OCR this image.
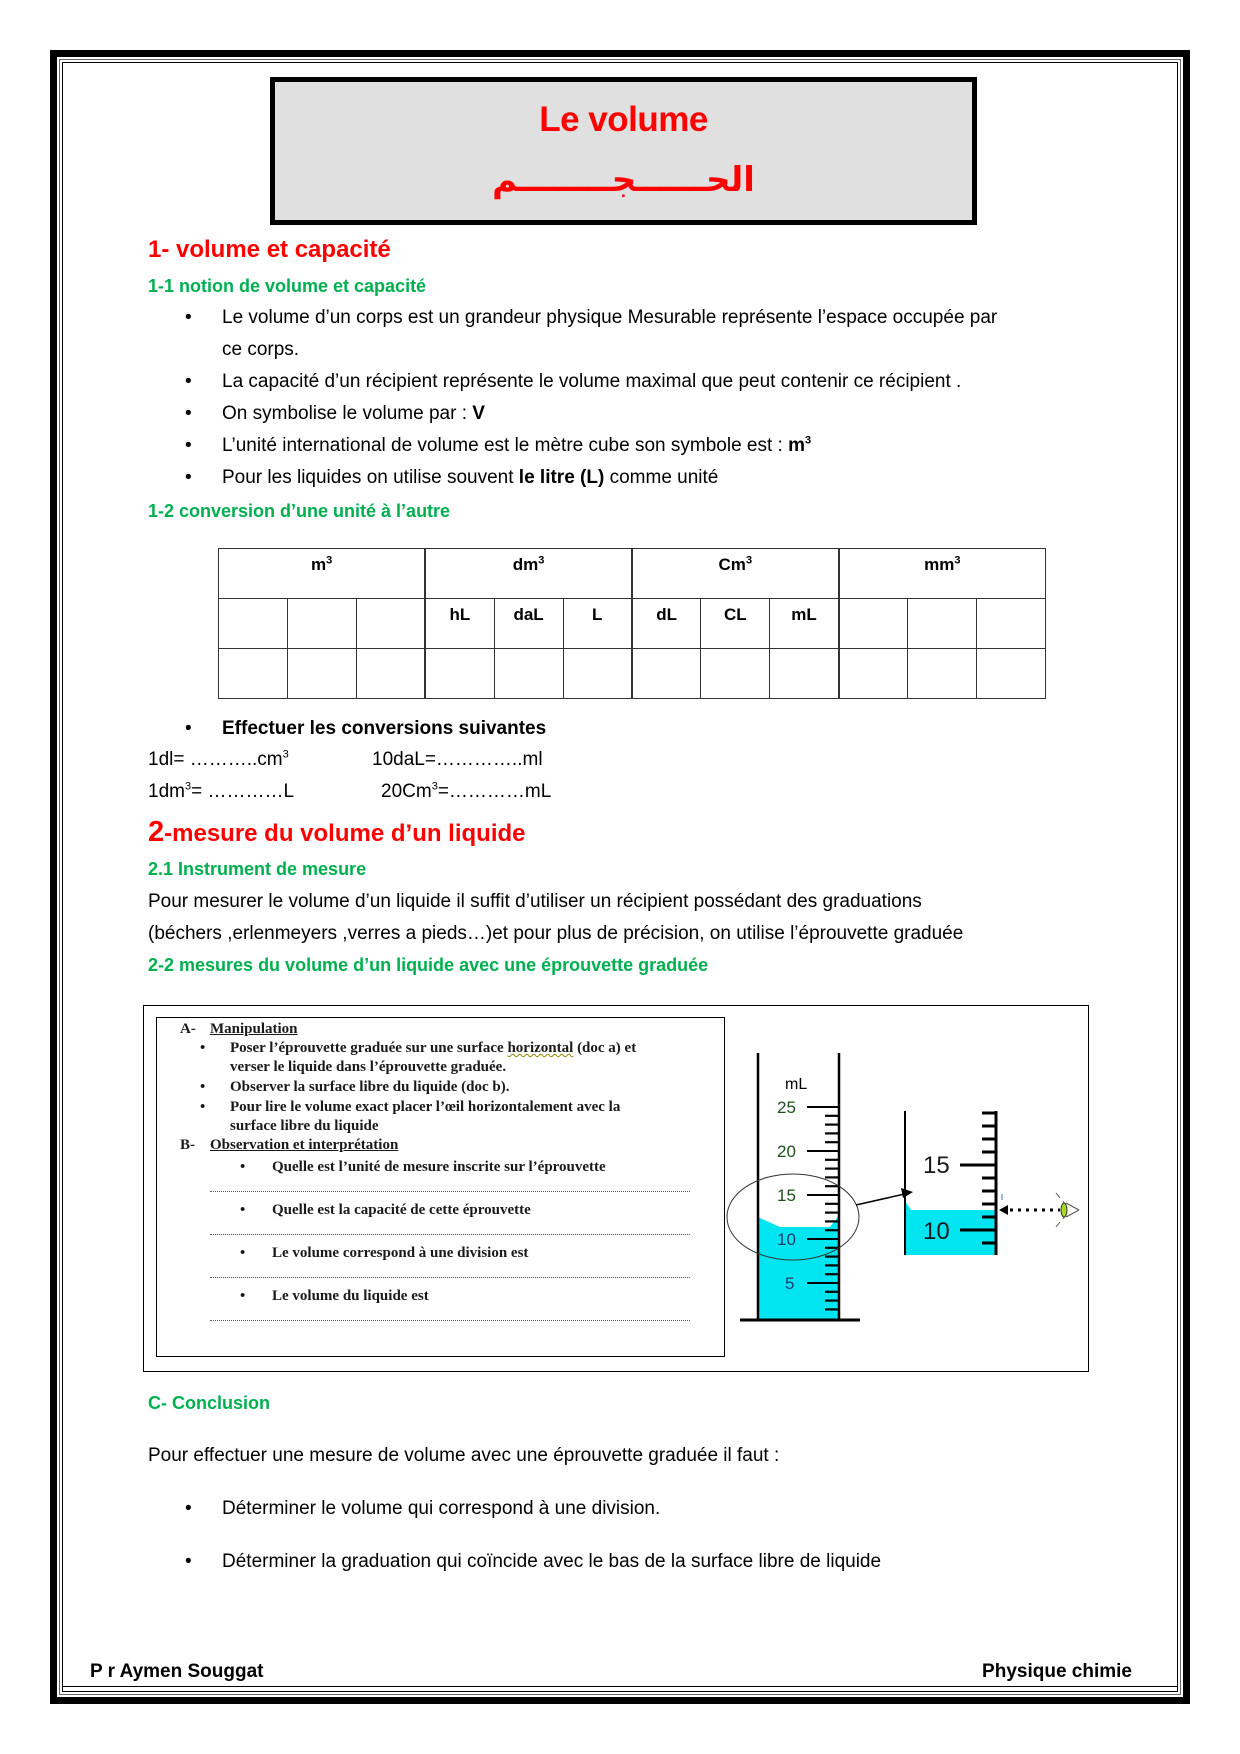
Le volume
الحــــــجــــــــم
1- volume et capacité
1-1 notion de volume et capacité
• Le volume d’un corps est un grandeur physique Mesurable représente l’espace occupée par
ce corps.
• La capacité d’un récipient représente le volume maximal que peut contenir ce récipient .
• On symbolise le volume par : V
• L’unité international de volume est le mètre cube son symbole est : $m^3$
• Pour les liquides on utilise souvent le litre (L) comme unité
1-2 conversion d’une unité à l’autre
$m^3$			$dm^3$			Cm$^3$			$mm^3$
			hL	daL	L	dL	CL	mL			

• Effectuer les conversions suivantes
$1dl= \dots\dots\dots..cm^3$	10daL=…………..ml
$1dm^3=$ …………L	$20Cm^3=\dots\dots\dots\dots mL$
2-mesure du volume d’un liquide
2.1 Instrument de mesure
Pour mesurer le volume d’un liquide il suffit d’utiliser un récipient possédant des graduations
(béchers ,erlenmeyers ,verres a pieds…)et pour plus de précision, on utilise l’éprouvette graduée
2-2 mesures du volume d’un liquide avec une éprouvette graduée
A- Manipulation
• Poser l’éprouvette graduée sur une surface horizontal (doc a) et
verser le liquide dans l’éprouvette graduée.
• Observer la surface libre du liquide (doc b).
• Pour lire le volume exact placer l’œil horizontalement avec la
surface libre du liquide
B- Observation et interprétation
• Quelle est l’unité de mesure inscrite sur l’éprouvette
• Quelle est la capacité de cette éprouvette
• Le volume correspond à une division est
• Le volume du liquide est
mL
25
20
15
10
5
15
10
C- Conclusion
Pour effectuer une mesure de volume avec une éprouvette graduée il faut :
• Déterminer le volume qui correspond à une division.
• Déterminer la graduation qui coïncide avec le bas de la surface libre de liquide
P r Aymen Souggat	Physique chimie
